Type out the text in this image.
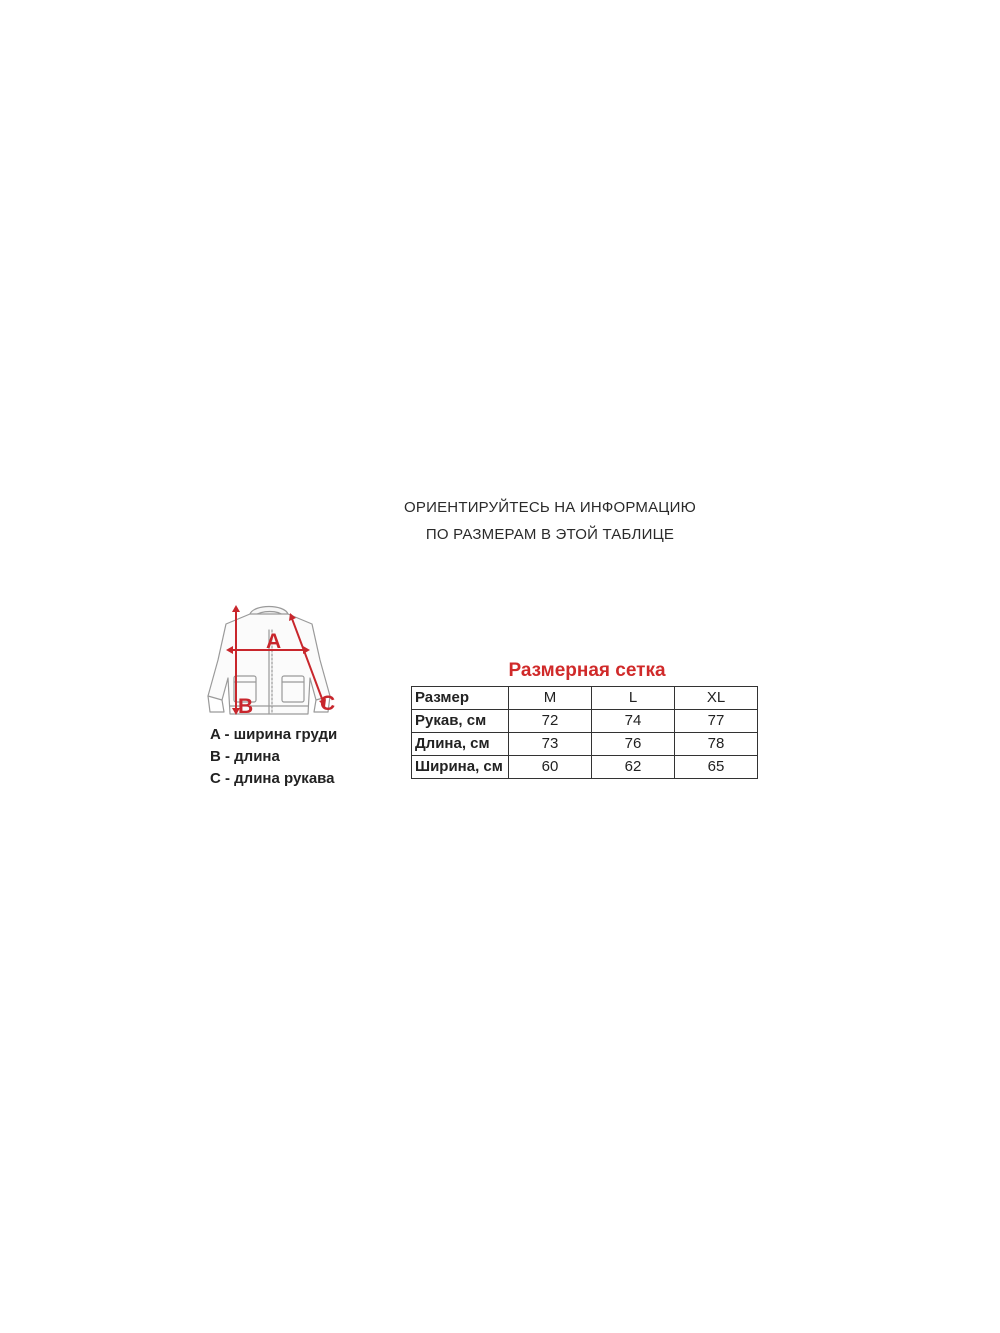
ОРИЕНТИРУЙТЕСЬ НА ИНФОРМАЦИЮ
ПО РАЗМЕРАМ В ЭТОЙ ТАБЛИЦЕ
A
B	C
A - ширина груди
B - длина
C - длина рукава
Размерная сетка
Размер	M	L	XL
Рукав, см	72	74	77
Длина, см	73	76	78
Ширина, см	60	62	65
